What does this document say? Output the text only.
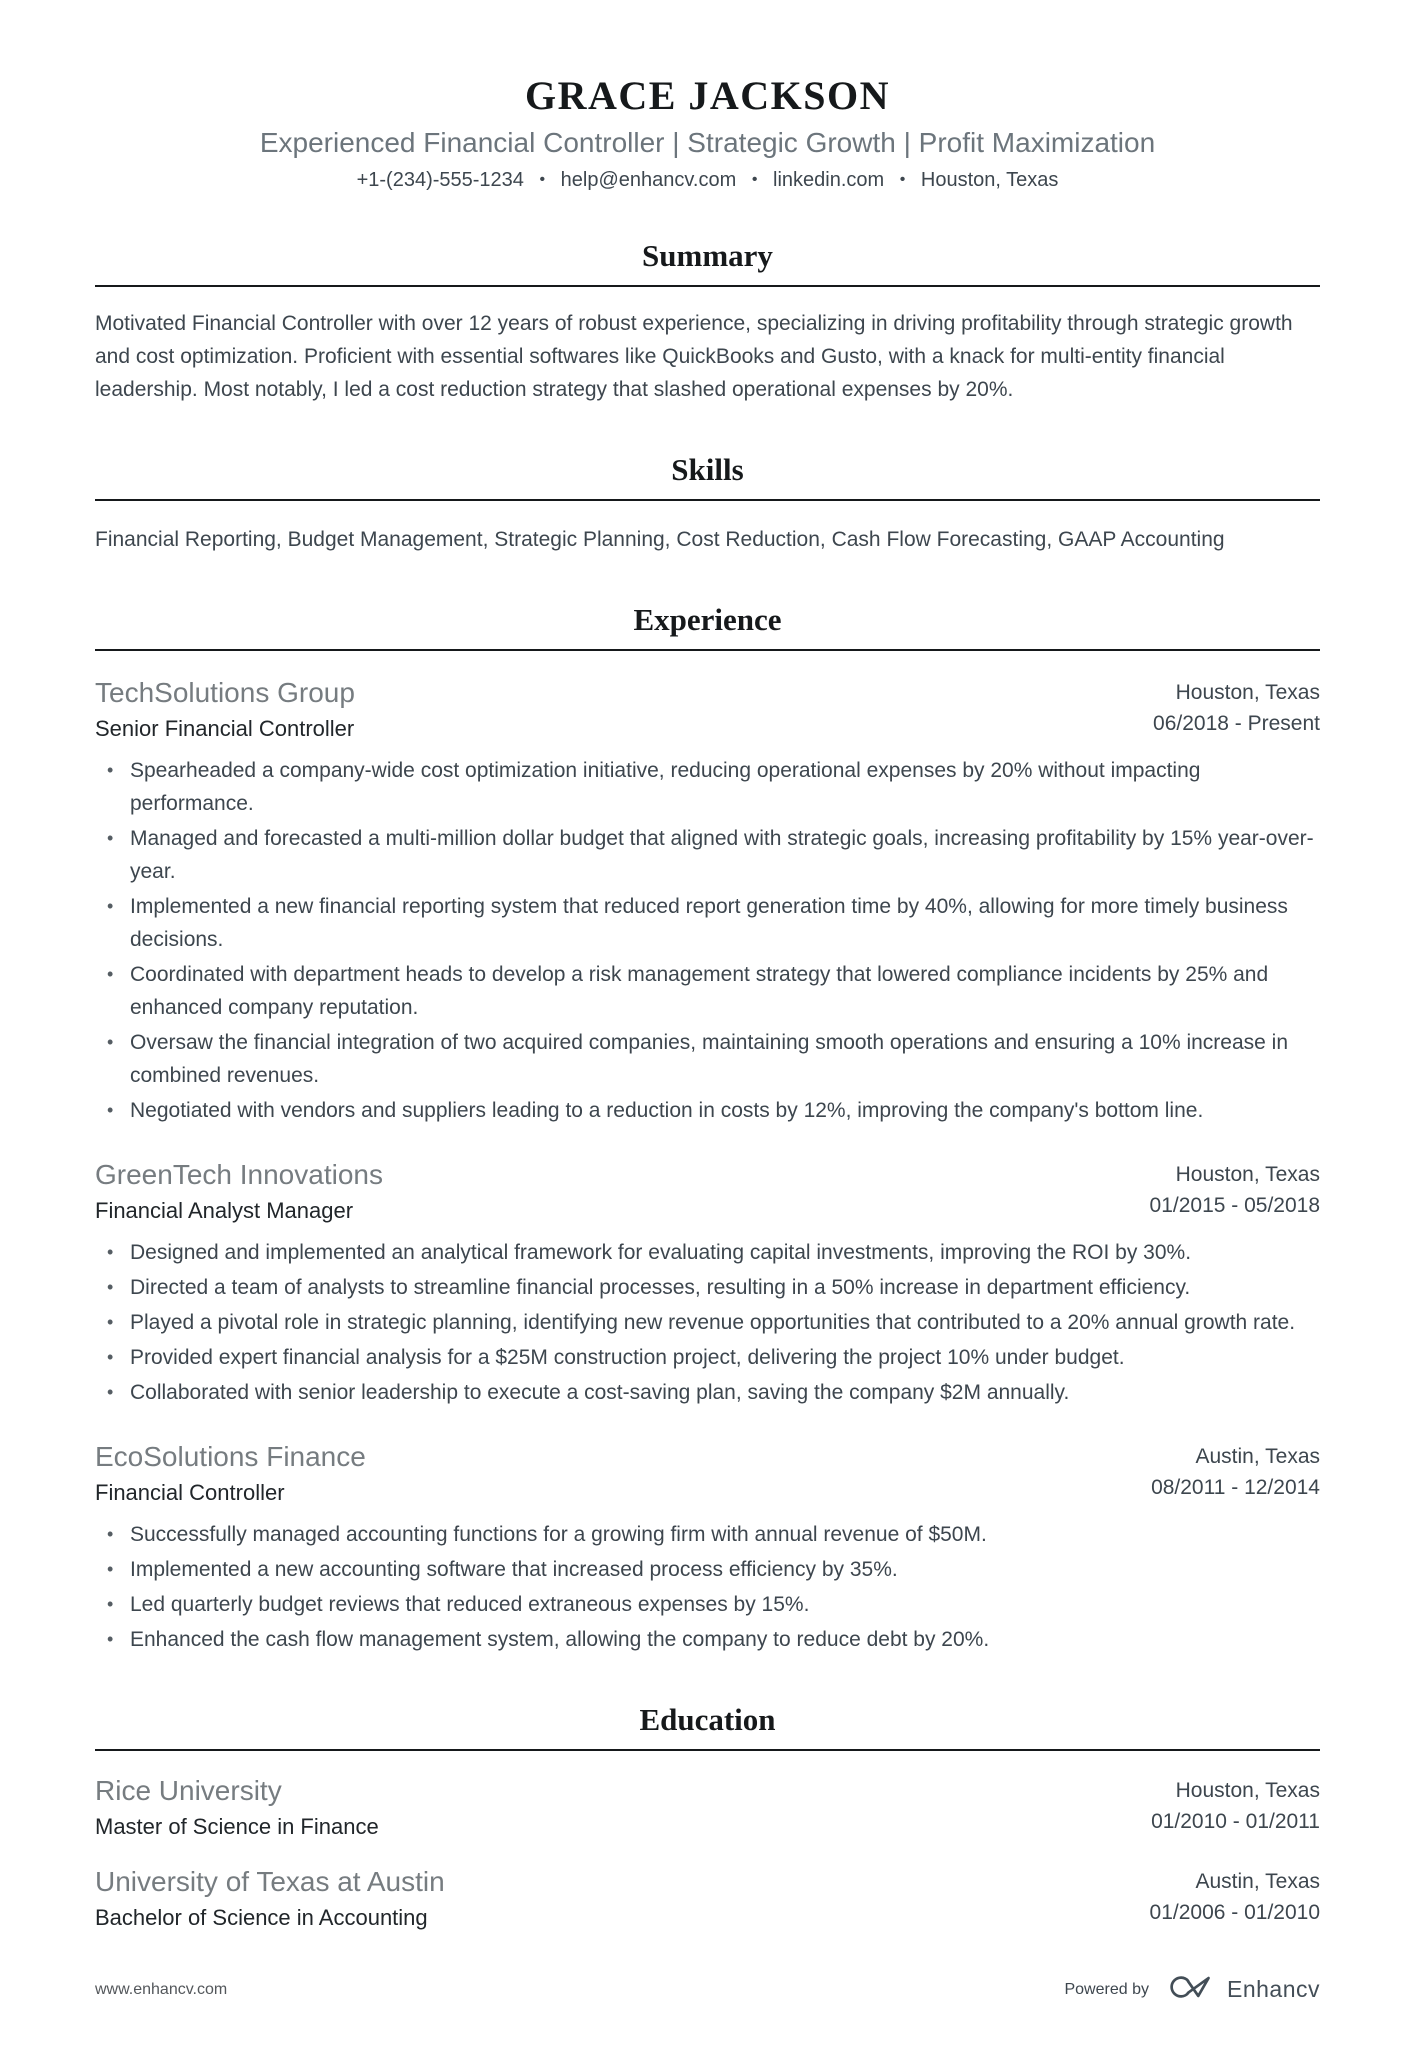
GRACE JACKSON
Experienced Financial Controller | Strategic Growth | Profit Maximization
+1-(234)-555-1234 • help@enhancv.com • linkedin.com • Houston, Texas
Summary

Motivated Financial Controller with over 12 years of robust experience, specializing in driving profitability through strategic growth and cost optimization. Proficient with essential softwares like QuickBooks and Gusto, with a knack for multi-entity financial leadership. Most notably, I led a cost reduction strategy that slashed operational expenses by 20%.

Skills

Financial Reporting, Budget Management, Strategic Planning, Cost Reduction, Cash Flow Forecasting, GAAP Accounting

Experience
TechSolutions Group
Senior Financial Controller
Houston, Texas
06/2018 - Present
• Spearheaded a company-wide cost optimization initiative, reducing operational expenses by 20% without impacting performance.
• Managed and forecasted a multi-million dollar budget that aligned with strategic goals, increasing profitability by 15% year-over-year.
• Implemented a new financial reporting system that reduced report generation time by 40%, allowing for more timely business decisions.
• Coordinated with department heads to develop a risk management strategy that lowered compliance incidents by 25% and enhanced company reputation.
• Oversaw the financial integration of two acquired companies, maintaining smooth operations and ensuring a 10% increase in combined revenues.
• Negotiated with vendors and suppliers leading to a reduction in costs by 12%, improving the company's bottom line.
GreenTech Innovations
Financial Analyst Manager
Houston, Texas
01/2015 - 05/2018
• Designed and implemented an analytical framework for evaluating capital investments, improving the ROI by 30%.
• Directed a team of analysts to streamline financial processes, resulting in a 50% increase in department efficiency.
• Played a pivotal role in strategic planning, identifying new revenue opportunities that contributed to a 20% annual growth rate.
• Provided expert financial analysis for a $25M construction project, delivering the project 10% under budget.
• Collaborated with senior leadership to execute a cost-saving plan, saving the company $2M annually.
EcoSolutions Finance
Financial Controller
Austin, Texas
08/2011 - 12/2014
• Successfully managed accounting functions for a growing firm with annual revenue of $50M.
• Implemented a new accounting software that increased process efficiency by 35%.
• Led quarterly budget reviews that reduced extraneous expenses by 15%.
• Enhanced the cash flow management system, allowing the company to reduce debt by 20%.
Education
Rice University
Master of Science in Finance
Houston, Texas
01/2010 - 01/2011
University of Texas at Austin
Bachelor of Science in Accounting
Austin, Texas
01/2006 - 01/2010
www.enhancv.com	Powered by	Enhancv
